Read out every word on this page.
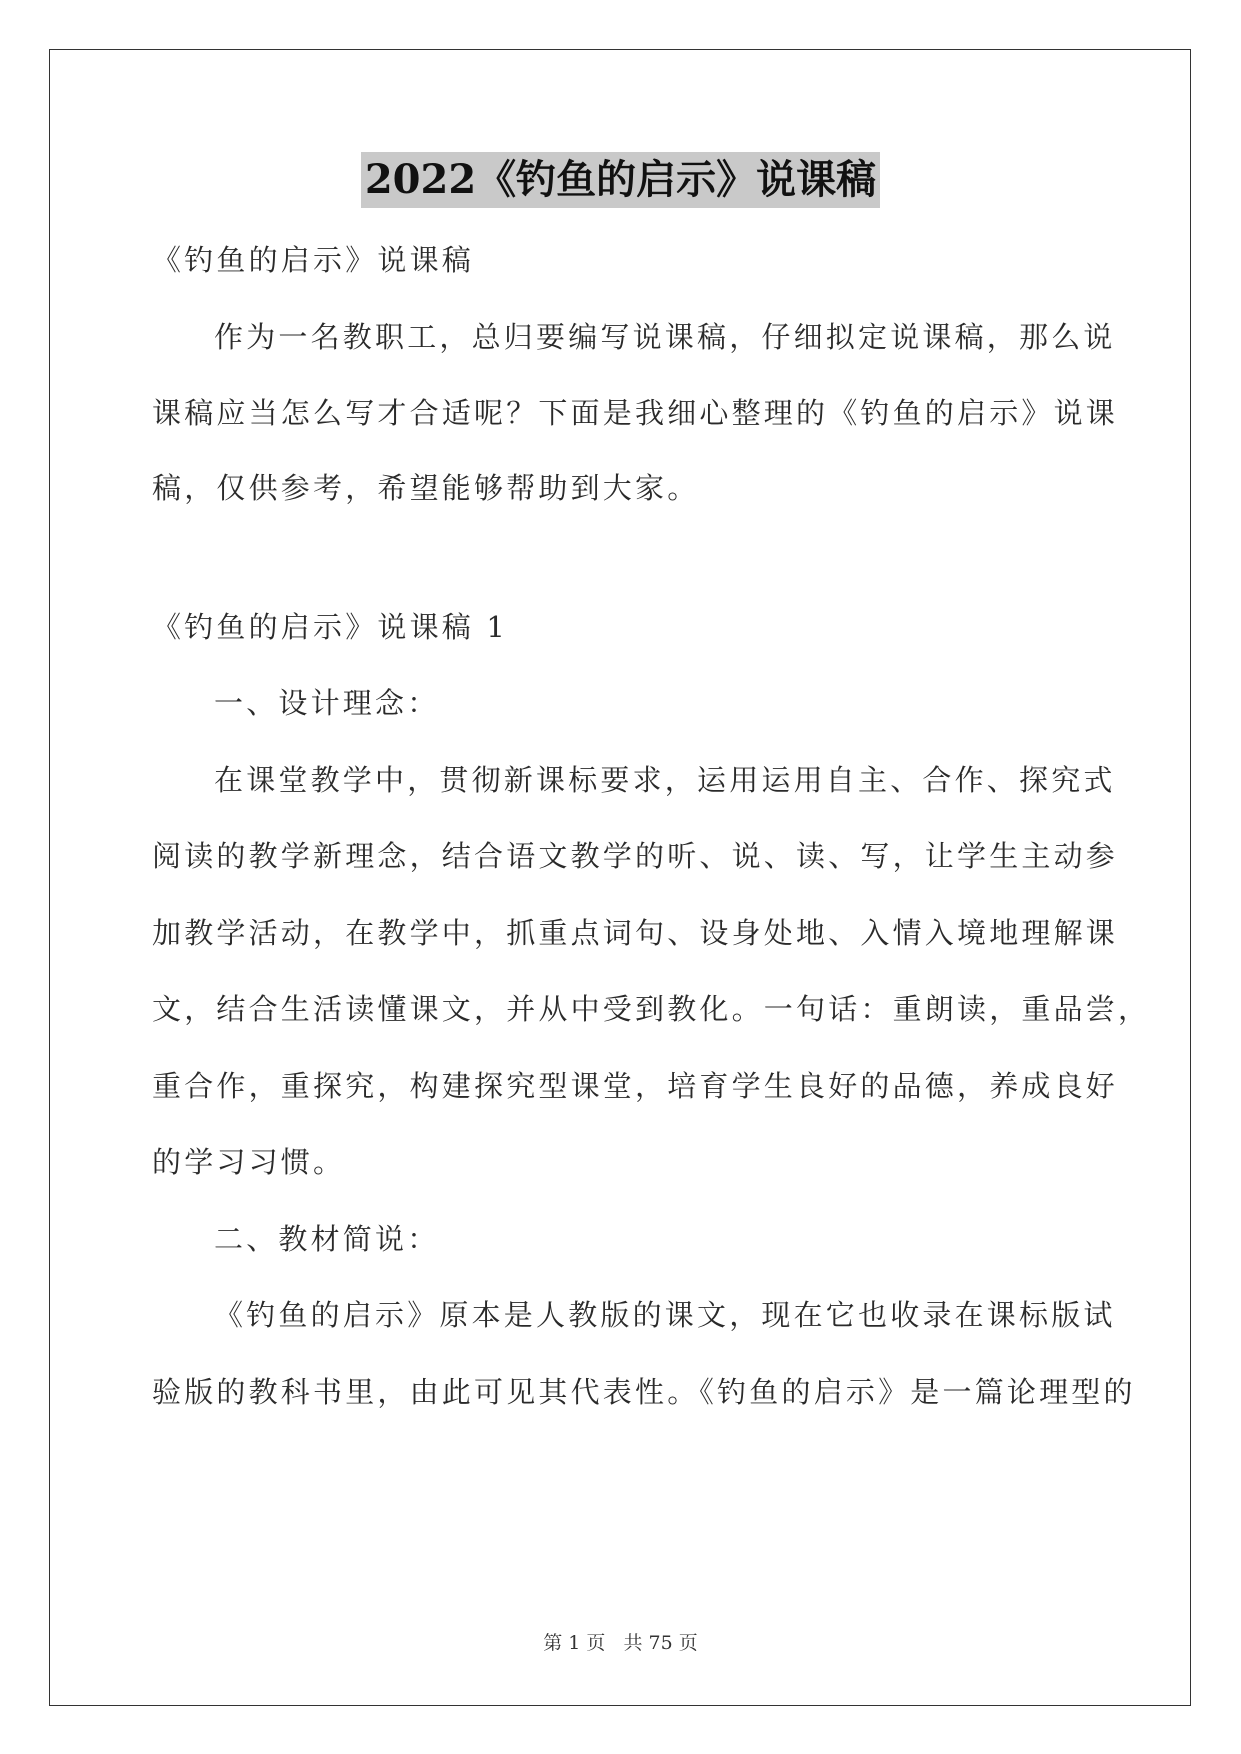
2022《钓鱼的启示》说课稿
《钓鱼的启示》说课稿
作为一名教职工，总归要编写说课稿，仔细拟定说课稿，那么说
课稿应当怎么写才合适呢？下面是我细心整理的《钓鱼的启示》说课
稿，仅供参考，希望能够帮助到大家。
《钓鱼的启示》说课稿 1
一、设计理念：
在课堂教学中，贯彻新课标要求，运用运用自主、合作、探究式
阅读的教学新理念，结合语文教学的听、说、读、写，让学生主动参
加教学活动，在教学中，抓重点词句、设身处地、入情入境地理解课
文，结合生活读懂课文，并从中受到教化。一句话：重朗读，重品尝，
重合作，重探究，构建探究型课堂，培育学生良好的品德，养成良好
的学习习惯。
二、教材简说：
《钓鱼的启示》原本是人教版的课文，现在它也收录在课标版试
验版的教科书里，由此可见其代表性。《钓鱼的启示》是一篇论理型的
第 1 页 共 75 页
